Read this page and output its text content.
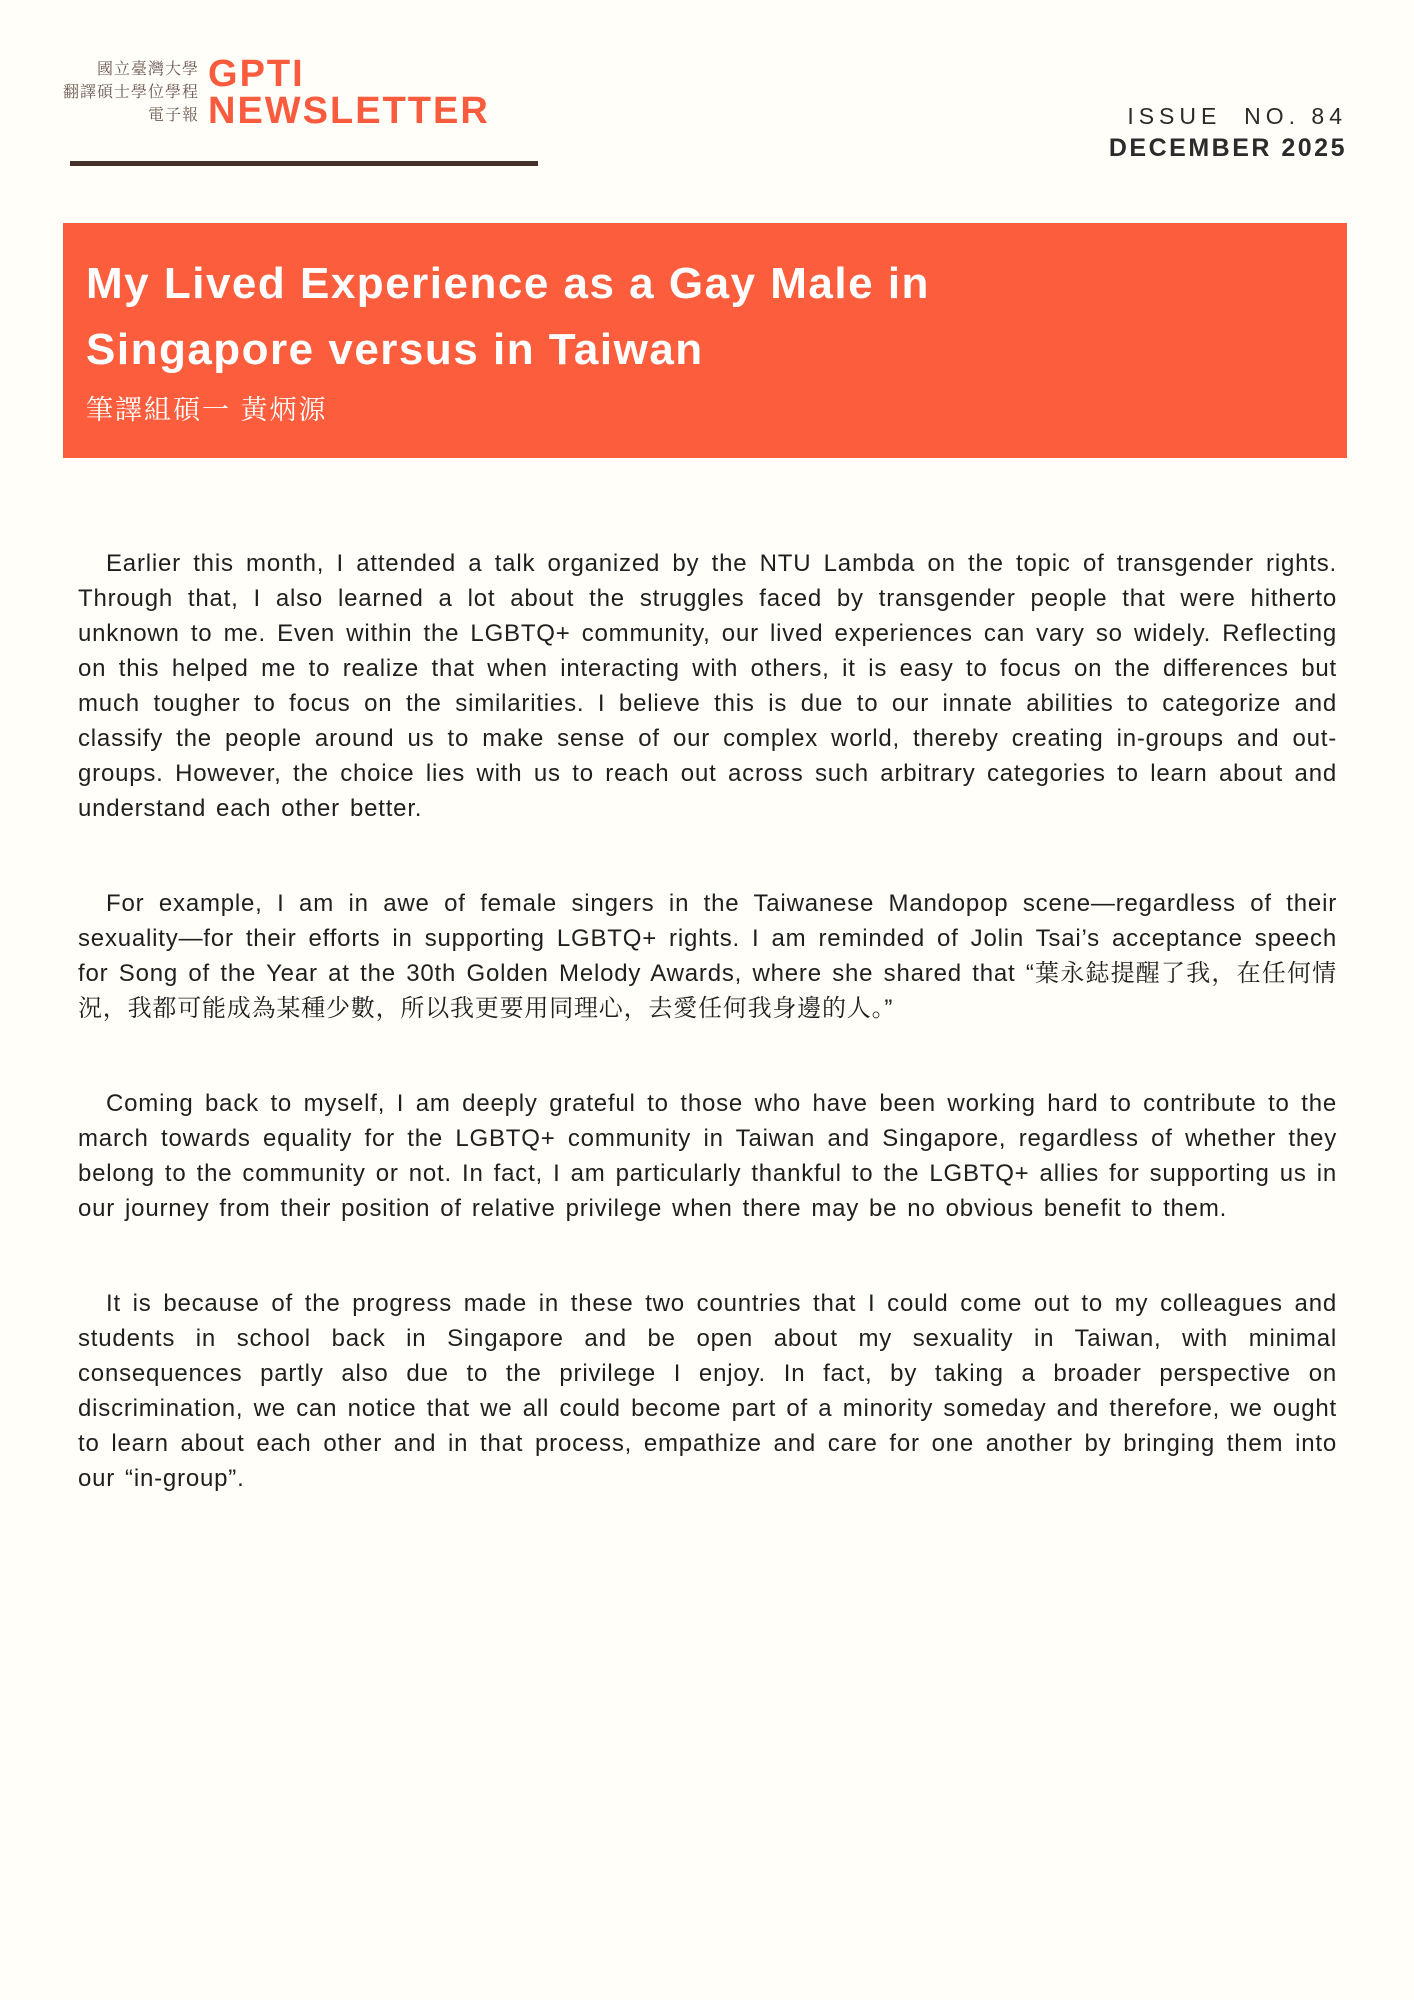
國立臺灣大學
翻譯碩士學位學程
電子報
GPTI
NEWSLETTER	ISSUE  NO. 84
DECEMBER 2025
My Lived Experience as a Gay Male in
Singapore versus in Taiwan
筆譯組碩一 黃炳源

Earlier this month, I attended a talk organized by the NTU Lambda on the topic of transgender rights. Through that, I also learned a lot about the struggles faced by transgender people that were hitherto unknown to me. Even within the LGBTQ+ community, our lived experiences can vary so widely. Reflecting on this helped me to realize that when interacting with others, it is easy to focus on the differences but much tougher to focus on the similarities. I believe this is due to our innate abilities to categorize and classify the people around us to make sense of our complex world, thereby creating in-groups and out-groups. However, the choice lies with us to reach out across such arbitrary categories to learn about and understand each other better.

For example, I am in awe of female singers in the Taiwanese Mandopop scene—regardless of their sexuality—for their efforts in supporting LGBTQ+ rights. I am reminded of Jolin Tsai’s acceptance speech for Song of the Year at the 30th Golden Melody Awards, where she shared that “葉永鋕提醒了我，在任何情況，我都可能成為某種少數，所以我更要用同理心，去愛任何我身邊的人。”

Coming back to myself, I am deeply grateful to those who have been working hard to contribute to the march towards equality for the LGBTQ+ community in Taiwan and Singapore, regardless of whether they belong to the community or not. In fact, I am particularly thankful to the LGBTQ+ allies for supporting us in our journey from their position of relative privilege when there may be no obvious benefit to them.

It is because of the progress made in these two countries that I could come out to my colleagues and students in school back in Singapore and be open about my sexuality in Taiwan, with minimal consequences partly also due to the privilege I enjoy. In fact, by taking a broader perspective on discrimination, we can notice that we all could become part of a minority someday and therefore, we ought to learn about each other and in that process, empathize and care for one another by bringing them into our “in-group”.
